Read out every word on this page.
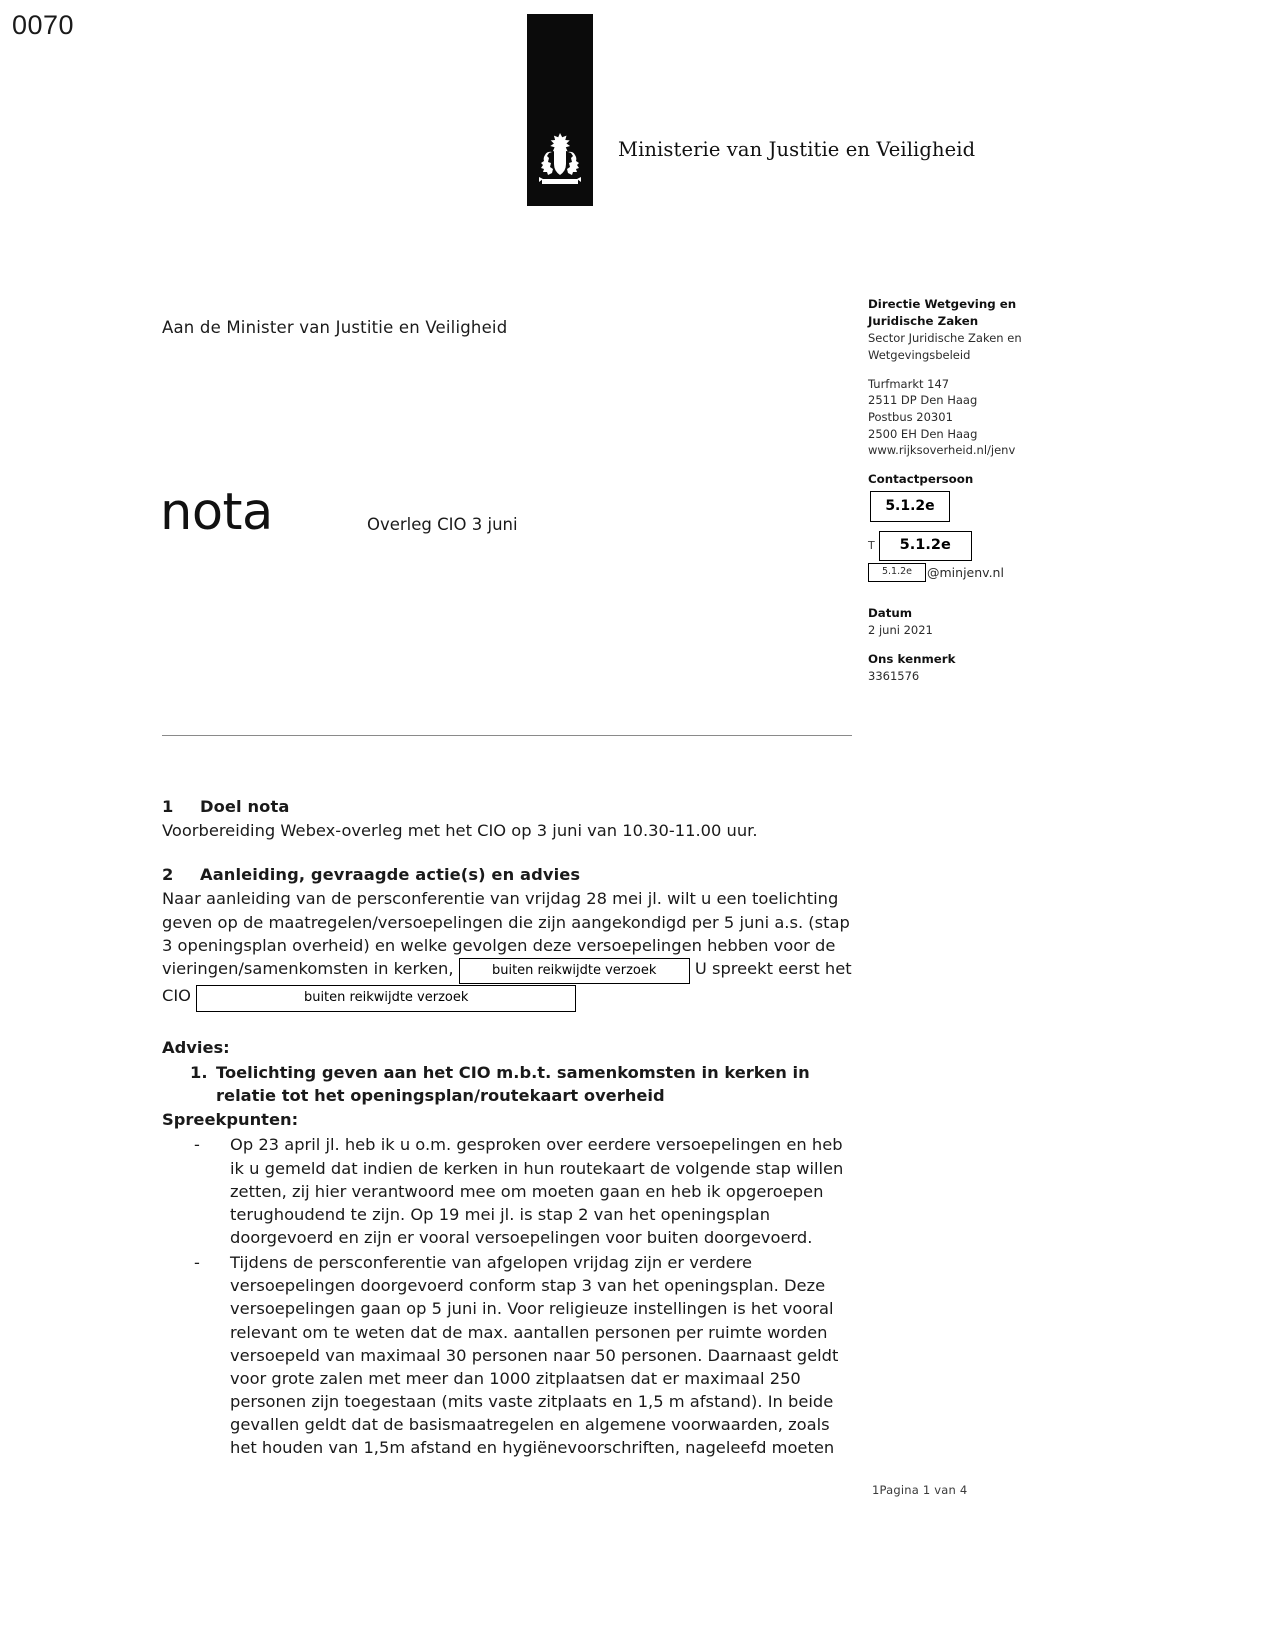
0070
Ministerie van Justitie en Veiligheid
Aan de Minister van Justitie en Veiligheid
nota	Overleg CIO 3 juni
Directie Wetgeving en
Juridische Zaken
Sector Juridische Zaken en
Wetgevingsbeleid
Turfmarkt 147
2511 DP Den Haag
Postbus 20301
2500 EH Den Haag
www.rijksoverheid.nl/jenv
Contactpersoon
5.1.2e
T	5.1.2e
5.1.2e	@minjenv.nl
Datum
2 juni 2021
Ons kenmerk
3361576
1 Doel nota

Voorbereiding Webex-overleg met het CIO op 3 juni van 10.30-11.00 uur.

2 Aanleiding, gevraagde actie(s) en advies

Naar aanleiding van de persconferentie van vrijdag 28 mei jl. wilt u een toelichting geven op de maatregelen/versoepelingen die zijn aangekondigd per 5 juni a.s. (stap 3 openingsplan overheid) en welke gevolgen deze versoepelingen hebben voor de vieringen/samenkomsten in kerken,	buiten reikwijdte verzoek U spreekt eerst het CIO	buiten reikwijdte verzoek

Advies:
1. Toelichting geven aan het CIO m.b.t. samenkomsten in kerken in relatie tot het openingsplan/routekaart overheid
Spreekpunten:
- Op 23 april jl. heb ik u o.m. gesproken over eerdere versoepelingen en heb ik u gemeld dat indien de kerken in hun routekaart de volgende stap willen zetten, zij hier verantwoord mee om moeten gaan en heb ik opgeroepen terughoudend te zijn. Op 19 mei jl. is stap 2 van het openingsplan doorgevoerd en zijn er vooral versoepelingen voor buiten doorgevoerd.
- Tijdens de persconferentie van afgelopen vrijdag zijn er verdere versoepelingen doorgevoerd conform stap 3 van het openingsplan. Deze versoepelingen gaan op 5 juni in. Voor religieuze instellingen is het vooral relevant om te weten dat de max. aantallen personen per ruimte worden versoepeld van maximaal 30 personen naar 50 personen. Daarnaast geldt voor grote zalen met meer dan 1000 zitplaatsen dat er maximaal 250 personen zijn toegestaan (mits vaste zitplaats en 1,5 m afstand). In beide gevallen geldt dat de basismaatregelen en algemene voorwaarden, zoals het houden van 1,5m afstand en hygiënevoorschriften, nageleefd moeten
1Pagina 1 van 4
